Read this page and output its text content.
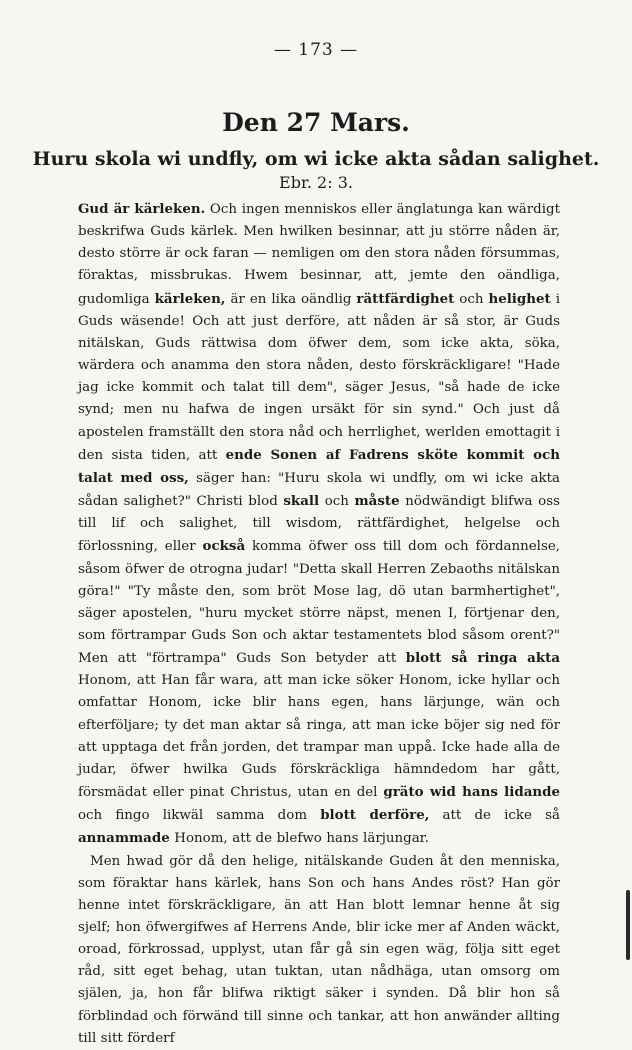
— 173 —
Den 27 Mars.
Huru skola wi undfly, om wi icke akta sådan salighet.
Ebr. 2: 3.

Gud är kärleken. Och ingen menniskos eller änglatunga kan wärdigt beskrifwa Guds kärlek. Men hwilken besinnar, att ju större nåden är, desto större är ock faran — nemligen om den stora nåden försummas, föraktas, missbrukas. Hwem besinnar, att, jemte den oändliga, gudomliga kärleken, är en lika oändlig rättfärdighet och helighet i Guds wäsende! Och att just derföre, att nåden är så stor, är Guds nitälskan, Guds rättwisa dom öfwer dem, som icke akta, söka, wärdera och anamma den stora nåden, desto förskräckligare! "Hade jag icke kommit och talat till dem", säger Jesus, "så hade de icke synd; men nu hafwa de ingen ursäkt för sin synd." Och just då apostelen framställt den stora nåd och herrlighet, werlden emottagit i den sista tiden, att ende Sonen af Fadrens sköte kommit och talat med oss, säger han: "Huru skola wi undfly, om wi icke akta sådan salighet?" Christi blod skall och måste nödwändigt blifwa oss till lif och salighet, till wisdom, rättfärdighet, helgelse och förlossning, eller också komma öfwer oss till dom och fördannelse, såsom öfwer de otrogna judar! "Detta skall Herren Zebaoths nitälskan göra!" "Ty måste den, som bröt Mose lag, dö utan barmhertighet", säger apostelen, "huru mycket större näpst, menen I, förtjenar den, som förtrampar Guds Son och aktar testamentets blod såsom orent?" Men att "förtrampa" Guds Son betyder att blott så ringa akta Honom, att Han får wara, att man icke söker Honom, icke hyllar och omfattar Honom, icke blir hans egen, hans lärjunge, wän och efterföljare; ty det man aktar så ringa, att man icke böjer sig ned för att upptaga det från jorden, det trampar man uppå. Icke hade alla de judar, öfwer hwilka Guds förskräckliga hämndedom har gått, försmädat eller pinat Christus, utan en del gräto wid hans lidande och fingo likwäl samma dom blott derföre, att de icke så annammade Honom, att de blefwo hans lärjungar.

Men hwad gör då den helige, nitälskande Guden åt den menniska, som föraktar hans kärlek, hans Son och hans Andes röst? Han gör henne intet förskräckligare, än att Han blott lemnar henne åt sig sjelf; hon öfwergifwes af Herrens Ande, blir icke mer af Anden wäckt, oroad, förkrossad, upplyst, utan får gå sin egen wäg, följa sitt eget råd, sitt eget behag, utan tuktan, utan nådhäga, utan omsorg om själen, ja, hon får blifwa riktigt säker i synden. Då blir hon så förblindad och förwänd till sinne och tankar, att hon anwänder allting till sitt förderf
